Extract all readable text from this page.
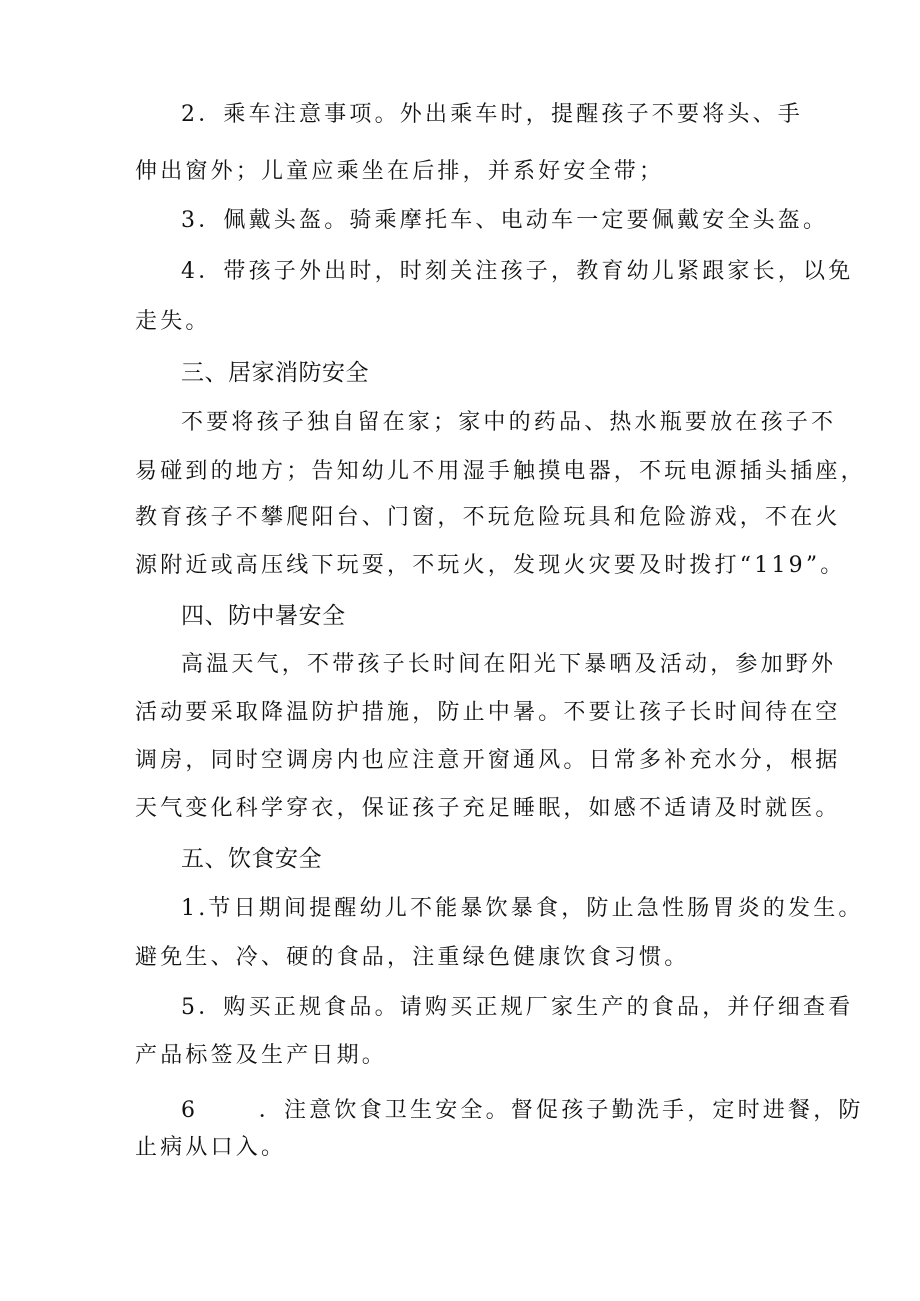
2．乘车注意事项。外出乘车时，提醒孩子不要将头、手
伸出窗外；儿童应乘坐在后排，并系好安全带；
3．佩戴头盔。骑乘摩托车、电动车一定要佩戴安全头盔。
4．带孩子外出时，时刻关注孩子，教育幼儿紧跟家长，以免
走失。
三、居家消防安全
不要将孩子独自留在家；家中的药品、热水瓶要放在孩子不
易碰到的地方；告知幼儿不用湿手触摸电器，不玩电源插头插座，
教育孩子不攀爬阳台、门窗，不玩危险玩具和危险游戏，不在火
源附近或高压线下玩耍，不玩火，发现火灾要及时拨打“119”。
四、防中暑安全
高温天气，不带孩子长时间在阳光下暴晒及活动，参加野外
活动要采取降温防护措施，防止中暑。不要让孩子长时间待在空
调房，同时空调房内也应注意开窗通风。日常多补充水分，根据
天气变化科学穿衣，保证孩子充足睡眠，如感不适请及时就医。
五、饮食安全
1.节日期间提醒幼儿不能暴饮暴食，防止急性肠胃炎的发生。
避免生、冷、硬的食品，注重绿色健康饮食习惯。
5．购买正规食品。请购买正规厂家生产的食品，并仔细查看
产品标签及生产日期。
6 　　．注意饮食卫生安全。督促孩子勤洗手，定时进餐，防
止病从口入。
